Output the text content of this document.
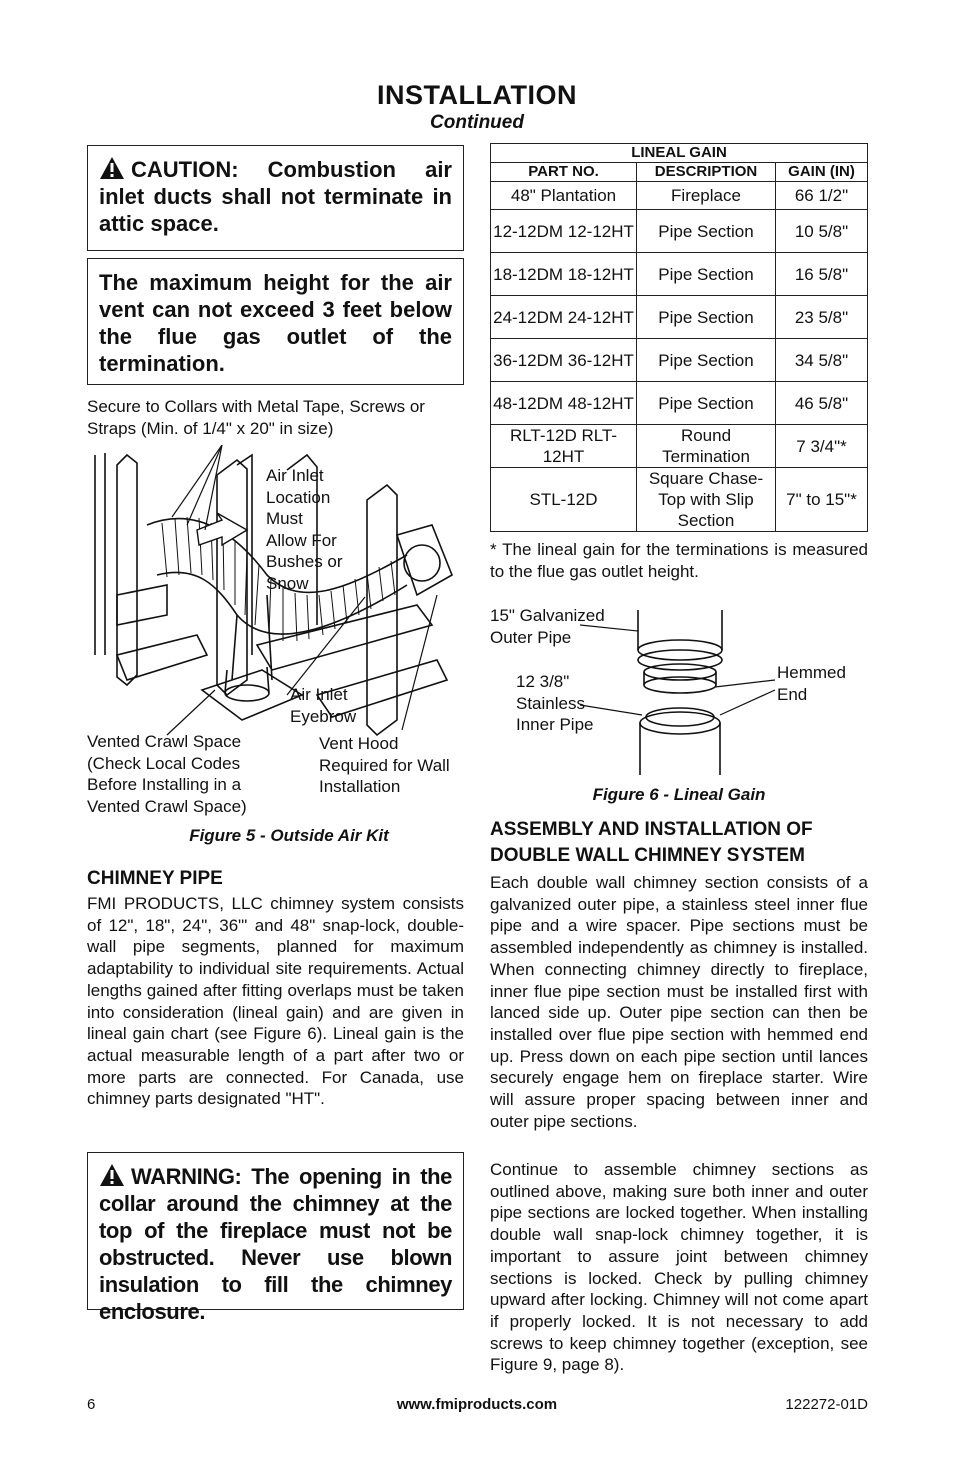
INSTALLATION
Continued
CAUTION: Combustion air inlet ducts shall not terminate in attic space.
The maximum height for the air vent can not exceed 3 feet below the flue gas outlet of the termination.
Secure to Collars with Metal Tape, Screws or Straps (Min. of 1/4" x 20" in size)
Air Inlet Location Must Allow For Bushes or Snow
Air Inlet Eyebrow
Vented Crawl Space (Check Local Codes Before Installing in a Vented Crawl Space)
Vent Hood Required for Wall Installation
Figure 5 - Outside Air Kit
CHIMNEY PIPE
FMI PRODUCTS, LLC chimney system consists of 12", 18", 24", 36"' and 48" snap-lock, double-wall pipe segments, planned for maximum adaptability to individual site requirements. Actual lengths gained after fitting overlaps must be taken into consideration (lineal gain) and are given in lineal gain chart (see Figure 6). Lineal gain is the actual measurable length of a part after two or more parts are connected. For Canada, use chimney parts designated "HT".
WARNING: The opening in the collar around the chimney at the top of the fireplace must not be obstructed. Never use blown insulation to fill the chimney enclosure.
LINEAL GAIN		
PART NO.	DESCRIPTION	GAIN (IN)
48" Plantation	Fireplace	66 1/2"
12-12DM 12-12HT	Pipe Section	10 5/8"
18-12DM 18-12HT	Pipe Section	16 5/8"
24-12DM 24-12HT	Pipe Section	23 5/8"
36-12DM 36-12HT	Pipe Section	34 5/8"
48-12DM 48-12HT	Pipe Section	46 5/8"
RLT-12D RLT-12HT	Round Termination	7 3/4"*
STL-12D	Square Chase-Top with Slip Section	7" to 15"*
* The lineal gain for the terminations is measured to the flue gas outlet height.
15" Galvanized Outer Pipe
12 3/8" Stainless Inner Pipe
Hemmed End
Figure 6 - Lineal Gain
ASSEMBLY AND INSTALLATION OF DOUBLE WALL CHIMNEY SYSTEM
Each double wall chimney section consists of a galvanized outer pipe, a stainless steel inner flue pipe and a wire spacer. Pipe sections must be assembled independently as chimney is installed. When connecting chimney directly to fireplace, inner flue pipe section must be installed first with lanced side up. Outer pipe section can then be installed over flue pipe section with hemmed end up. Press down on each pipe section until lances securely engage hem on fireplace starter. Wire will assure proper spacing between inner and outer pipe sections.
Continue to assemble chimney sections as outlined above, making sure both inner and outer pipe sections are locked together. When installing double wall snap-lock chimney together, it is important to assure joint between chimney sections is locked. Check by pulling chimney upward after locking. Chimney will not come apart if properly locked. It is not necessary to add screws to keep chimney together (exception, see Figure 9, page 8).
6	www.fmiproducts.com	122272-01D
